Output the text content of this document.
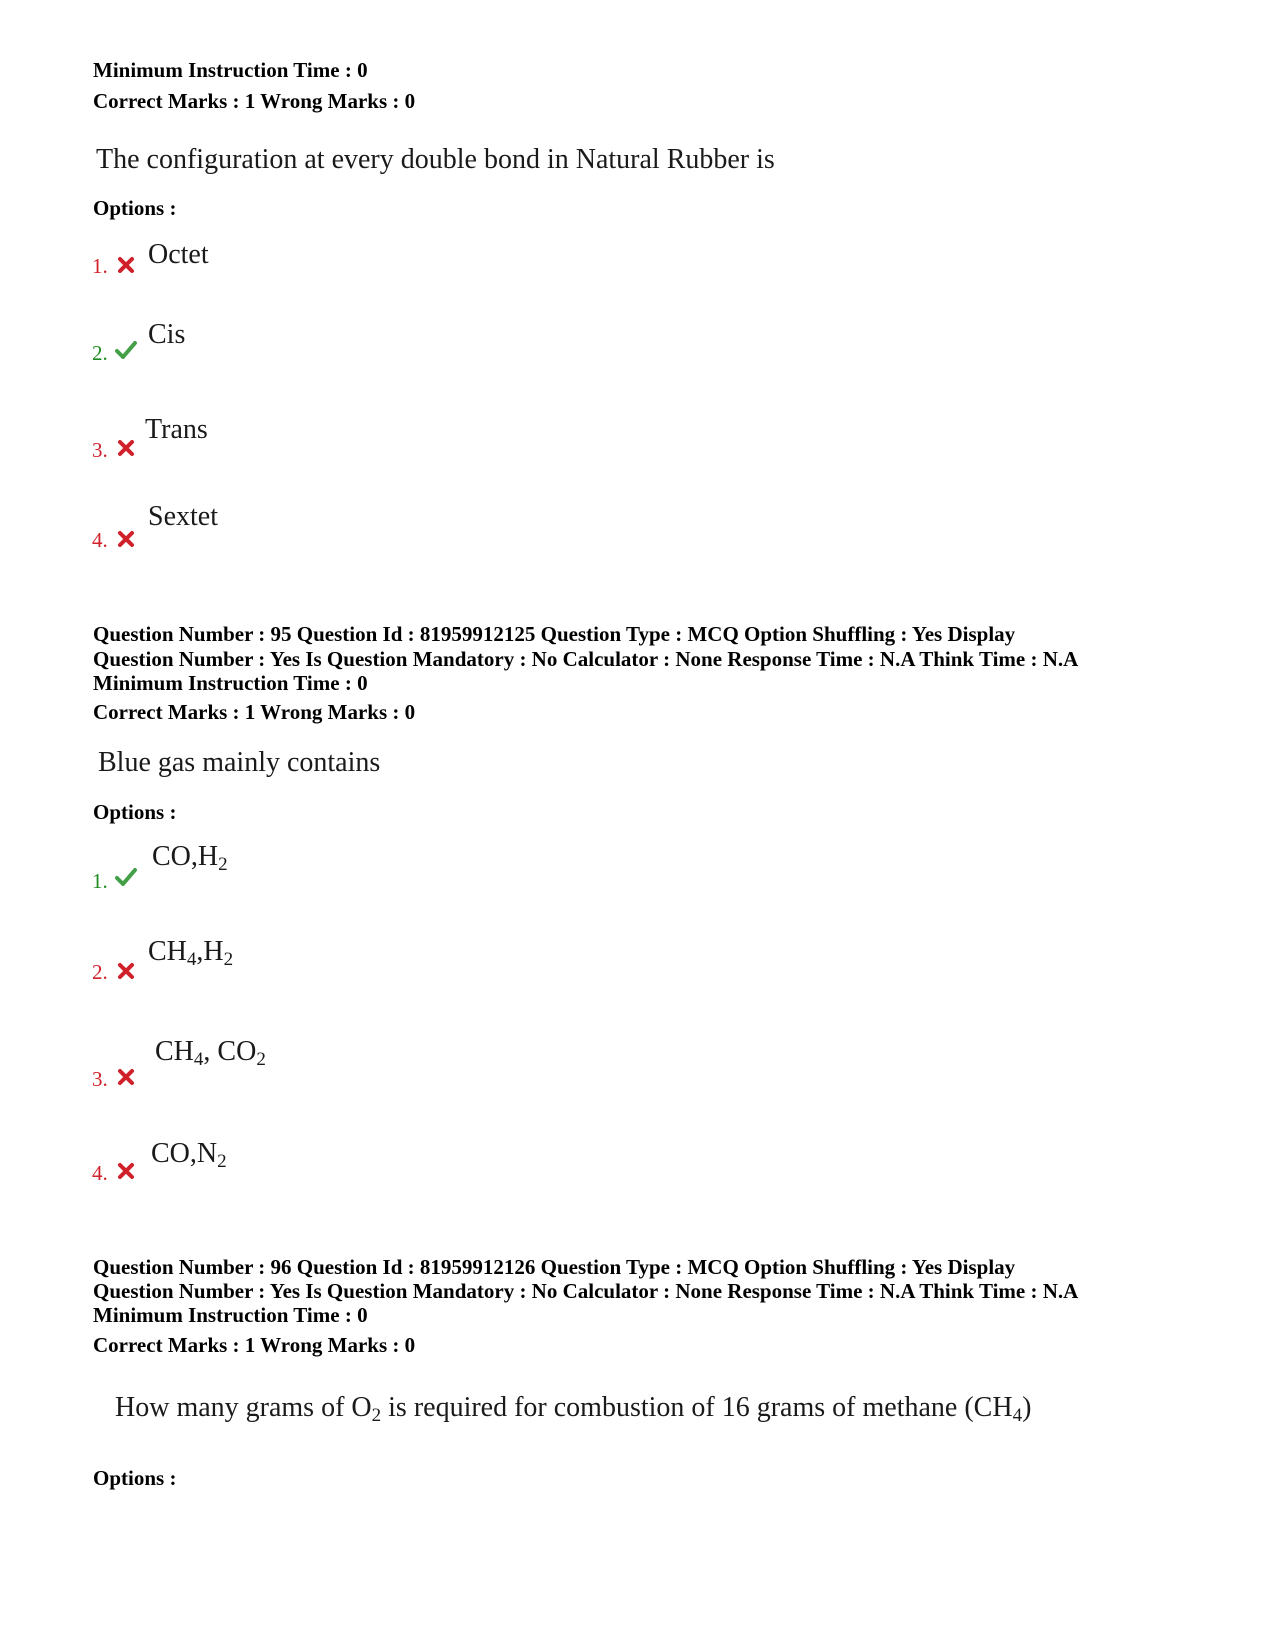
Minimum Instruction Time : 0
Correct Marks : 1 Wrong Marks : 0
The configuration at every double bond in Natural Rubber is
Options :
1. Octet
2.
Cis
3.
Trans
4.
Sextet
Question Number : 95 Question Id : 81959912125 Question Type : MCQ Option Shuffling : Yes Display
Question Number : Yes Is Question Mandatory : No Calculator : None Response Time : N.A Think Time : N.A
Minimum Instruction Time : 0
Correct Marks : 1 Wrong Marks : 0
Blue gas mainly contains
Options :
1.
$CO,H_2$
2.
$CH_4,H_2$
3.
$CH_4$, $CO_2$
4.
$CO,N_2$
Question Number : 96 Question Id : 81959912126 Question Type : MCQ Option Shuffling : Yes Display
Question Number : Yes Is Question Mandatory : No Calculator : None Response Time : N.A Think Time : N.A
Minimum Instruction Time : 0
Correct Marks : 1 Wrong Marks : 0
How many grams of $O_2$ is required for combustion of 16 grams of methane $(CH_4)$
Options :
